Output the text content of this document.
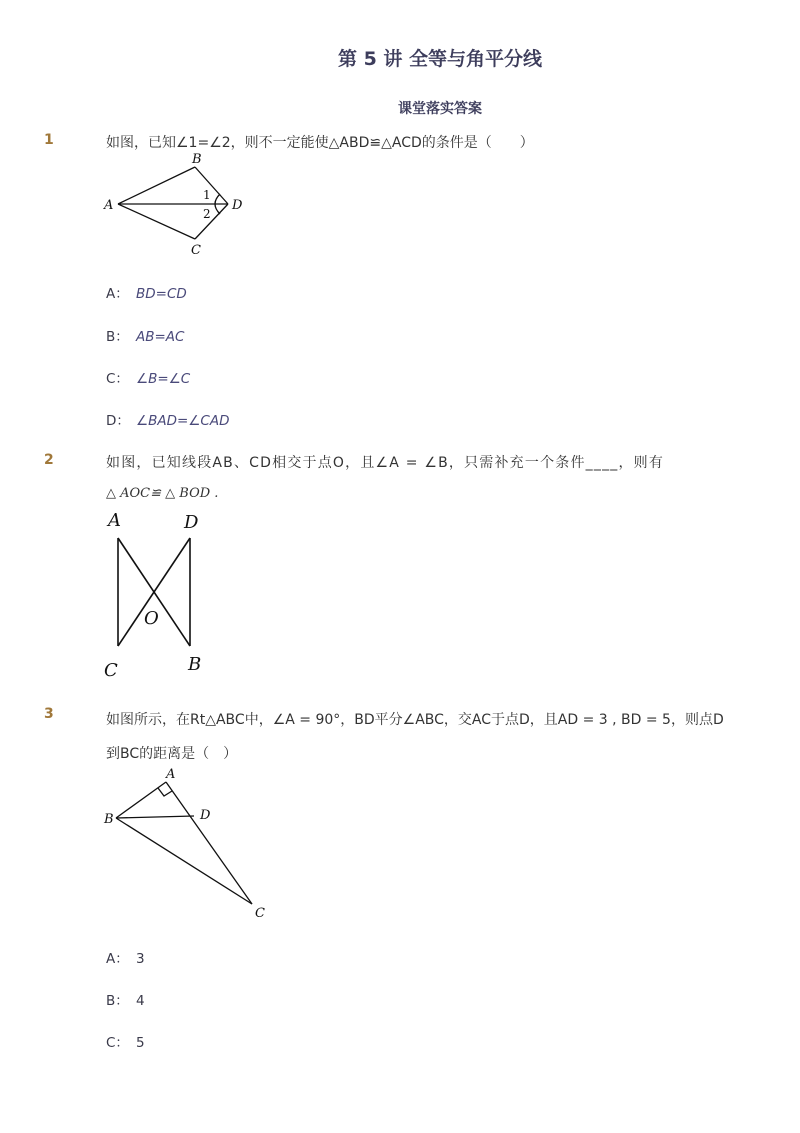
第 5 讲 全等与角平分线
课堂落实答案
1	如图，已知∠1=∠2，则不一定能使△ABD≌△ACD的条件是（　　）
A
B
C
D
1
2
A： BD=CD
B： AB=AC
C： ∠B=∠C
D： ∠BAD=∠CAD
2	如图，已知线段AB、CD相交于点O，且∠A = ∠B，只需补充一个条件____，则有
△ AOC≌ △ BOD .
A	D
O
C	B
3	如图所示，在Rt△ABC中，∠A = 90°，BD平分∠ABC，交AC于点D，且AD = 3 , BD = 5，则点D
到BC的距离是（　）
A
B	D
C
A： 3
B： 4
C： 5
